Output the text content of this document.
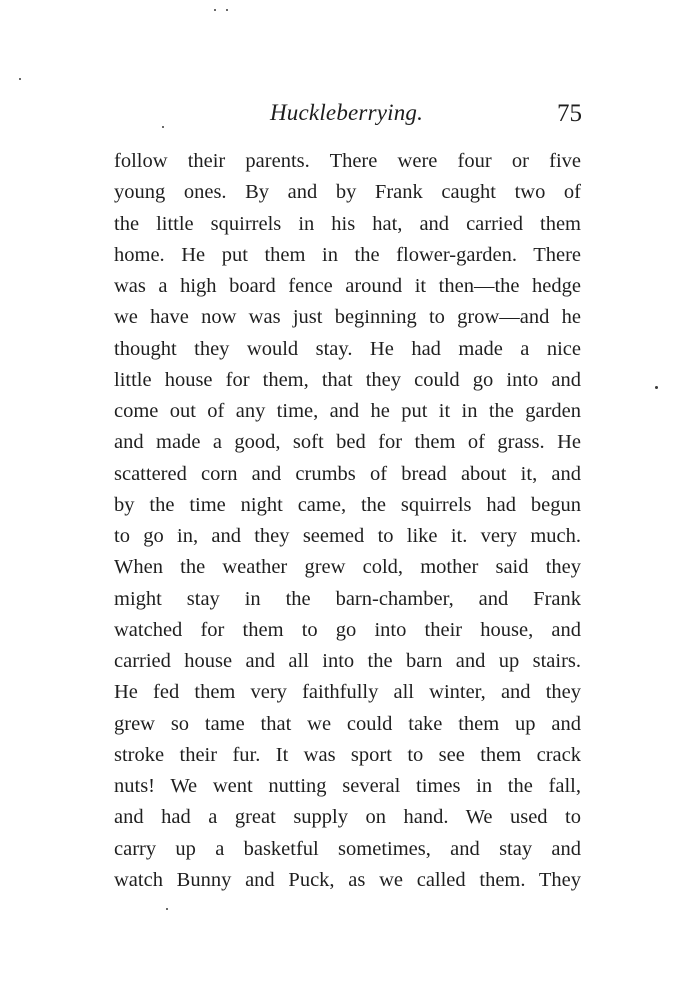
Huckleberrying.	75
follow their parents. There were four or five
young ones. By and by Frank caught two of
the little squirrels in his hat, and carried them
home. He put them in the flower-garden. There
was a high board fence around it then—the hedge
we have now was just beginning to grow—and he
thought they would stay. He had made a nice
little house for them, that they could go into and
come out of any time, and he put it in the garden
and made a good, soft bed for them of grass. He
scattered corn and crumbs of bread about it, and
by the time night came, the squirrels had begun
to go in, and they seemed to like it. very much.
When the weather grew cold, mother said they
might stay in the barn-chamber, and Frank
watched for them to go into their house, and
carried house and all into the barn and up stairs.
He fed them very faithfully all winter, and they
grew so tame that we could take them up and
stroke their fur. It was sport to see them crack
nuts! We went nutting several times in the fall,
and had a great supply on hand. We used to
carry up a basketful sometimes, and stay and
watch Bunny and Puck, as we called them. They
